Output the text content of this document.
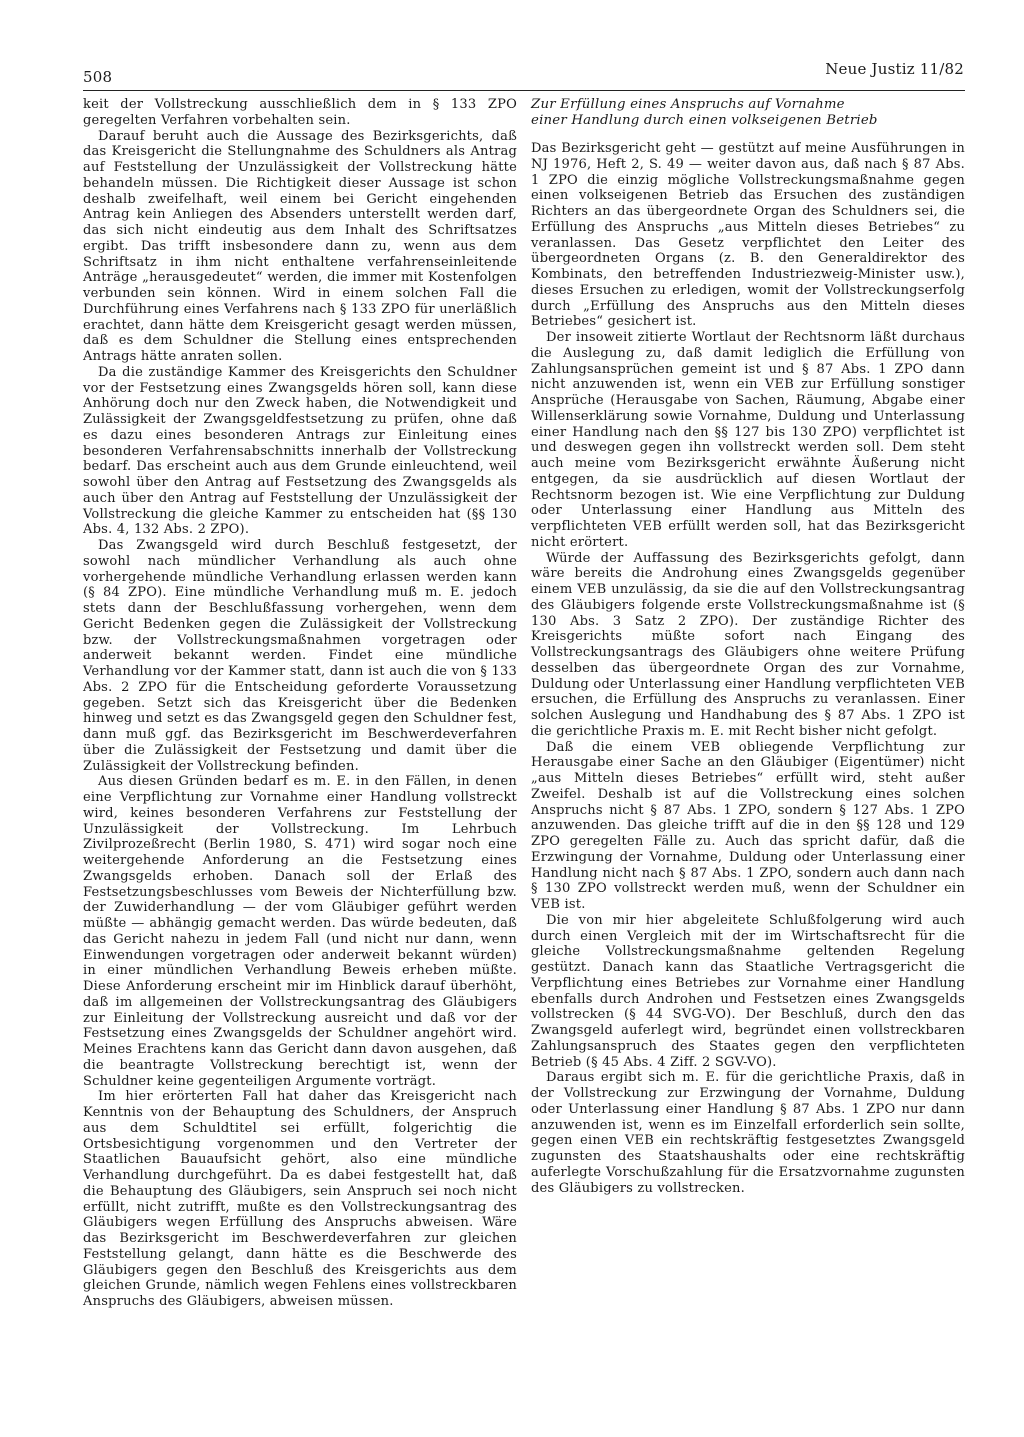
508	Neue Justiz 11/82

keit der Vollstreckung ausschließlich dem in § 133 ZPO geregelten Verfahren vorbehalten sein.

Darauf beruht auch die Aussage des Bezirksgerichts, daß das Kreisgericht die Stellungnahme des Schuldners als Antrag auf Feststellung der Unzulässigkeit der Vollstreckung hätte behandeln müssen. Die Richtigkeit dieser Aussage ist schon deshalb zweifelhaft, weil einem bei Gericht eingehenden Antrag kein Anliegen des Absenders unterstellt werden darf, das sich nicht eindeutig aus dem Inhalt des Schriftsatzes ergibt. Das trifft insbesondere dann zu, wenn aus dem Schriftsatz in ihm nicht enthaltene verfahrenseinleitende Anträge „herausgedeutet“ werden, die immer mit Kostenfolgen verbunden sein können. Wird in einem solchen Fall die Durchführung eines Verfahrens nach § 133 ZPO für unerläßlich erachtet, dann hätte dem Kreisgericht gesagt werden müssen, daß es dem Schuldner die Stellung eines entsprechenden Antrags hätte anraten sollen.

Da die zuständige Kammer des Kreisgerichts den Schuldner vor der Festsetzung eines Zwangsgelds hören soll, kann diese Anhörung doch nur den Zweck haben, die Notwendigkeit und Zulässigkeit der Zwangsgeldfestsetzung zu prüfen, ohne daß es dazu eines besonderen Antrags zur Einleitung eines besonderen Verfahrensabschnitts innerhalb der Vollstreckung bedarf. Das erscheint auch aus dem Grunde einleuchtend, weil sowohl über den Antrag auf Festsetzung des Zwangsgelds als auch über den Antrag auf Feststellung der Unzulässigkeit der Vollstreckung die gleiche Kammer zu entscheiden hat (§§ 130 Abs. 4, 132 Abs. 2 ZPO).

Das Zwangsgeld wird durch Beschluß festgesetzt, der sowohl nach mündlicher Verhandlung als auch ohne vorhergehende mündliche Verhandlung erlassen werden kann (§ 84 ZPO). Eine mündliche Verhandlung muß m. E. jedoch stets dann der Beschlußfassung vorhergehen, wenn dem Gericht Bedenken gegen die Zulässigkeit der Vollstreckung bzw. der Vollstreckungsmaßnahmen vorgetragen oder anderweit bekannt werden. Findet eine mündliche Verhandlung vor der Kammer statt, dann ist auch die von § 133 Abs. 2 ZPO für die Entscheidung geforderte Voraussetzung gegeben. Setzt sich das Kreisgericht über die Bedenken hinweg und setzt es das Zwangsgeld gegen den Schuldner fest, dann muß ggf. das Bezirksgericht im Beschwerdeverfahren über die Zulässigkeit der Festsetzung und damit über die Zulässigkeit der Vollstreckung befinden.

Aus diesen Gründen bedarf es m. E. in den Fällen, in denen eine Verpflichtung zur Vornahme einer Handlung vollstreckt wird, keines besonderen Verfahrens zur Feststellung der Unzulässigkeit der Vollstreckung. Im Lehrbuch Zivilprozeßrecht (Berlin 1980, S. 471) wird sogar noch eine weitergehende Anforderung an die Festsetzung eines Zwangsgelds erhoben. Danach soll der Erlaß des Festsetzungsbeschlusses vom Beweis der Nichterfüllung bzw. der Zuwiderhandlung — der vom Gläubiger geführt werden müßte — abhängig gemacht werden. Das würde bedeuten, daß das Gericht nahezu in jedem Fall (und nicht nur dann, wenn Einwendungen vorgetragen oder anderweit bekannt würden) in einer mündlichen Verhandlung Beweis erheben müßte. Diese Anforderung erscheint mir im Hinblick darauf überhöht, daß im allgemeinen der Vollstreckungsantrag des Gläubigers zur Einleitung der Vollstreckung ausreicht und daß vor der Festsetzung eines Zwangsgelds der Schuldner angehört wird. Meines Erachtens kann das Gericht dann davon ausgehen, daß die beantragte Vollstreckung berechtigt ist, wenn der Schuldner keine gegenteiligen Argumente vorträgt.

Im hier erörterten Fall hat daher das Kreisgericht nach Kenntnis von der Behauptung des Schuldners, der Anspruch aus dem Schuldtitel sei erfüllt, folgerichtig die Ortsbesichtigung vorgenommen und den Vertreter der Staatlichen Bauaufsicht gehört, also eine mündliche Verhandlung durchgeführt. Da es dabei festgestellt hat, daß die Behauptung des Gläubigers, sein Anspruch sei noch nicht erfüllt, nicht zutrifft, mußte es den Vollstreckungsantrag des Gläubigers wegen Erfüllung des Anspruchs abweisen. Wäre das Bezirksgericht im Beschwerdeverfahren zur gleichen Feststellung gelangt, dann hätte es die Beschwerde des Gläubigers gegen den Beschluß des Kreisgerichts aus dem gleichen Grunde, nämlich wegen Fehlens eines vollstreckbaren Anspruchs des Gläubigers, abweisen müssen.

Zur Erfüllung eines Anspruchs auf Vornahme
einer Handlung durch einen volkseigenen Betrieb

Das Bezirksgericht geht — gestützt auf meine Ausführungen in NJ 1976, Heft 2, S. 49 — weiter davon aus, daß nach § 87 Abs. 1 ZPO die einzig mögliche Vollstreckungsmaßnahme gegen einen volkseigenen Betrieb das Ersuchen des zuständigen Richters an das übergeordnete Organ des Schuldners sei, die Erfüllung des Anspruchs „aus Mitteln dieses Betriebes“ zu veranlassen. Das Gesetz verpflichtet den Leiter des übergeordneten Organs (z. B. den Generaldirektor des Kombinats, den betreffenden Industriezweig-Minister usw.), dieses Ersuchen zu erledigen, womit der Vollstreckungserfolg durch „Erfüllung des Anspruchs aus den Mitteln dieses Betriebes“ gesichert ist.

Der insoweit zitierte Wortlaut der Rechtsnorm läßt durchaus die Auslegung zu, daß damit lediglich die Erfüllung von Zahlungsansprüchen gemeint ist und § 87 Abs. 1 ZPO dann nicht anzuwenden ist, wenn ein VEB zur Erfüllung sonstiger Ansprüche (Herausgabe von Sachen, Räumung, Abgabe einer Willenserklärung sowie Vornahme, Duldung und Unterlassung einer Handlung nach den §§ 127 bis 130 ZPO) verpflichtet ist und deswegen gegen ihn vollstreckt werden soll. Dem steht auch meine vom Bezirksgericht erwähnte Äußerung nicht entgegen, da sie ausdrücklich auf diesen Wortlaut der Rechtsnorm bezogen ist. Wie eine Verpflichtung zur Duldung oder Unterlassung einer Handlung aus Mitteln des verpflichteten VEB erfüllt werden soll, hat das Bezirksgericht nicht erörtert.

Würde der Auffassung des Bezirksgerichts gefolgt, dann wäre bereits die Androhung eines Zwangsgelds gegenüber einem VEB unzulässig, da sie die auf den Vollstreckungsantrag des Gläubigers folgende erste Vollstreckungsmaßnahme ist (§ 130 Abs. 3 Satz 2 ZPO). Der zuständige Richter des Kreisgerichts müßte sofort nach Eingang des Vollstreckungsantrags des Gläubigers ohne weitere Prüfung desselben das übergeordnete Organ des zur Vornahme, Duldung oder Unterlassung einer Handlung verpflichteten VEB ersuchen, die Erfüllung des Anspruchs zu veranlassen. Einer solchen Auslegung und Handhabung des § 87 Abs. 1 ZPO ist die gerichtliche Praxis m. E. mit Recht bisher nicht gefolgt.

Daß die einem VEB obliegende Verpflichtung zur Herausgabe einer Sache an den Gläubiger (Eigentümer) nicht „aus Mitteln dieses Betriebes“ erfüllt wird, steht außer Zweifel. Deshalb ist auf die Vollstreckung eines solchen Anspruchs nicht § 87 Abs. 1 ZPO, sondern § 127 Abs. 1 ZPO anzuwenden. Das gleiche trifft auf die in den §§ 128 und 129 ZPO geregelten Fälle zu. Auch das spricht dafür, daß die Erzwingung der Vornahme, Duldung oder Unterlassung einer Handlung nicht nach § 87 Abs. 1 ZPO, sondern auch dann nach § 130 ZPO vollstreckt werden muß, wenn der Schuldner ein VEB ist.

Die von mir hier abgeleitete Schlußfolgerung wird auch durch einen Vergleich mit der im Wirtschaftsrecht für die gleiche Vollstreckungsmaßnahme geltenden Regelung gestützt. Danach kann das Staatliche Vertragsgericht die Verpflichtung eines Betriebes zur Vornahme einer Handlung ebenfalls durch Androhen und Festsetzen eines Zwangsgelds vollstrecken (§ 44 SVG-VO). Der Beschluß, durch den das Zwangsgeld auferlegt wird, begründet einen vollstreckbaren Zahlungsanspruch des Staates gegen den verpflichteten Betrieb (§ 45 Abs. 4 Ziff. 2 SGV-VO).

Daraus ergibt sich m. E. für die gerichtliche Praxis, daß in der Vollstreckung zur Erzwingung der Vornahme, Duldung oder Unterlassung einer Handlung § 87 Abs. 1 ZPO nur dann anzuwenden ist, wenn es im Einzelfall erforderlich sein sollte, gegen einen VEB ein rechtskräftig festgesetztes Zwangsgeld zugunsten des Staatshaushalts oder eine rechtskräftig auferlegte Vorschußzahlung für die Ersatzvornahme zugunsten des Gläubigers zu vollstrecken.
